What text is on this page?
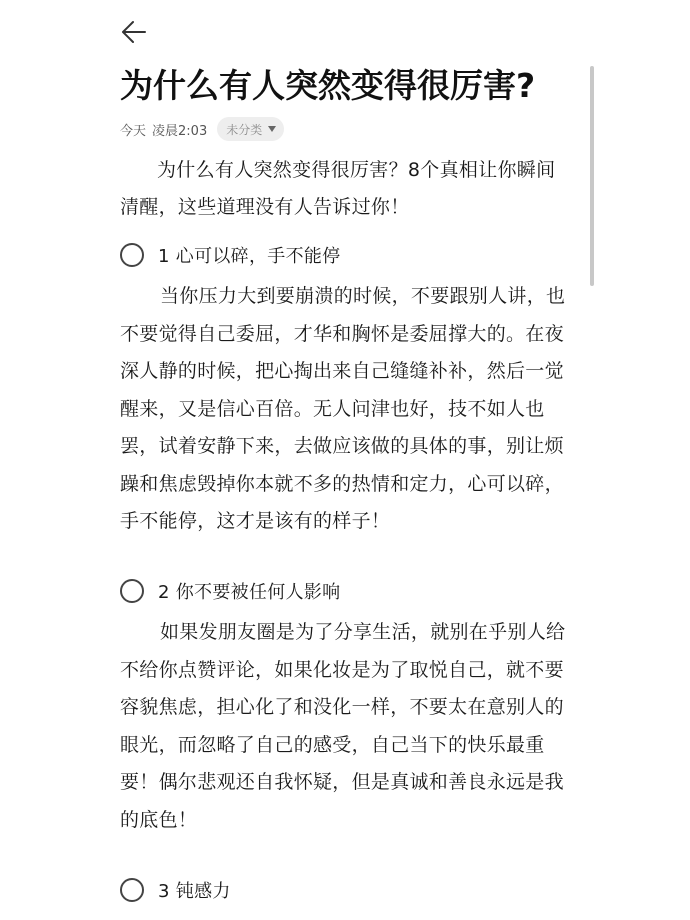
为什么有人突然变得很厉害?
今天 凌晨2:03 未分类

为什么有人突然变得很厉害？8个真相让你瞬间清醒，这些道理没有人告诉过你！

1 心可以碎，手不能停

当你压力大到要崩溃的时候，不要跟别人讲，也不要觉得自己委屈，才华和胸怀是委屈撑大的。在夜深人静的时候，把心掏出来自己缝缝补补，然后一觉醒来，又是信心百倍。无人问津也好，技不如人也罢，试着安静下来，去做应该做的具体的事，别让烦躁和焦虑毁掉你本就不多的热情和定力，心可以碎，手不能停，这才是该有的样子！

2 你不要被任何人影响

如果发朋友圈是为了分享生活，就别在乎别人给不给你点赞评论，如果化妆是为了取悦自己，就不要容貌焦虑，担心化了和没化一样，不要太在意别人的眼光，而忽略了自己的感受，自己当下的快乐最重要！偶尔悲观还自我怀疑，但是真诚和善良永远是我的底色！

3 钝感力
